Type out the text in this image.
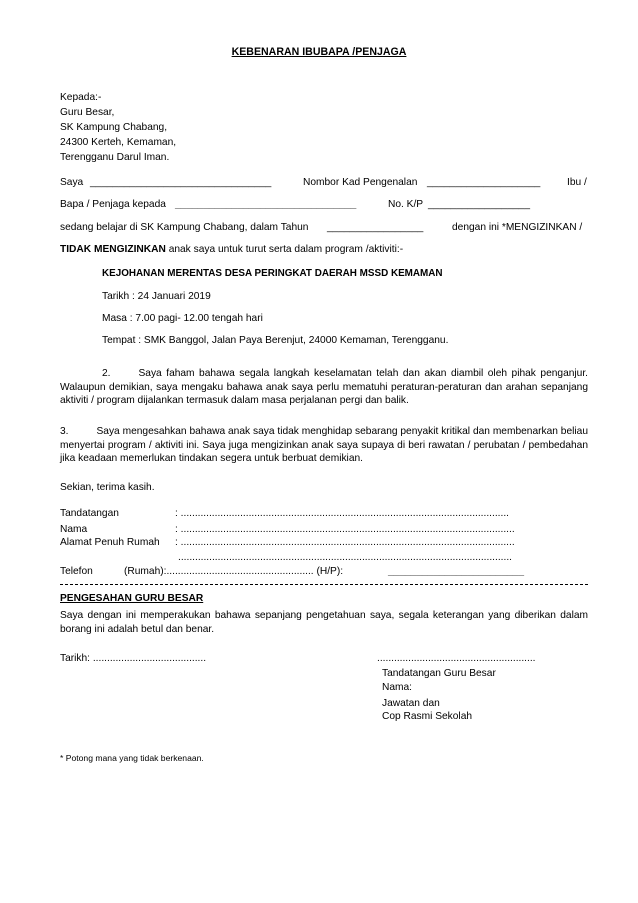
KEBENARAN IBUBAPA /PENJAGA
Kepada:-
Guru Besar,
SK Kampung Chabang,
24300 Kerteh, Kemaman,
Terengganu Darul Iman.
Saya ________________________________	Nombor Kad Pengenalan ____________________	Ibu /
Bapa / Penjaga kepada ________________________________	No. K/P __________________
sedang belajar di SK Kampung Chabang, dalam Tahun _________________	dengan ini *MENGIZINKAN /
TIDAK MENGIZINKAN anak saya untuk turut serta dalam program /aktiviti:-
KEJOHANAN MERENTAS DESA PERINGKAT DAERAH MSSD KEMAMAN
Tarikh : 24 Januari 2019
Masa : 7.00 pagi- 12.00 tengah hari
Tempat : SMK Banggol, Jalan Paya Berenjut, 24000 Kemaman, Terengganu.
2.	Saya faham bahawa segala langkah keselamatan telah dan akan diambil oleh pihak penganjur. Walaupun demikian, saya mengaku bahawa anak saya perlu mematuhi peraturan-peraturan dan arahan sepanjang aktiviti / program dijalankan termasuk dalam masa perjalanan pergi dan balik.
3.	Saya mengesahkan bahawa anak saya tidak menghidap sebarang penyakit kritikal dan membenarkan beliau menyertai program / aktiviti ini. Saya juga mengizinkan anak saya supaya di beri rawatan / perubatan / pembedahan jika keadaan memerlukan tindakan segera untuk berbuat demikian.
Sekian, terima kasih.
Tandatangan	: ....................................................................................................................
Nama	: ......................................................................................................................
Alamat Penuh Rumah : ......................................................................................................................
......................................................................................................................
Telefon	(Rumah):.................................................... (H/P):	________________________
PENGESAHAN GURU BESAR
Saya dengan ini memperakukan bahawa sepanjang pengetahuan saya, segala keterangan yang diberikan dalam borang ini adalah betul dan benar.
Tarikh: ........................................	........................................................
Tandatangan Guru Besar
Nama:
Jawatan dan
Cop Rasmi Sekolah
* Potong mana yang tidak berkenaan.
